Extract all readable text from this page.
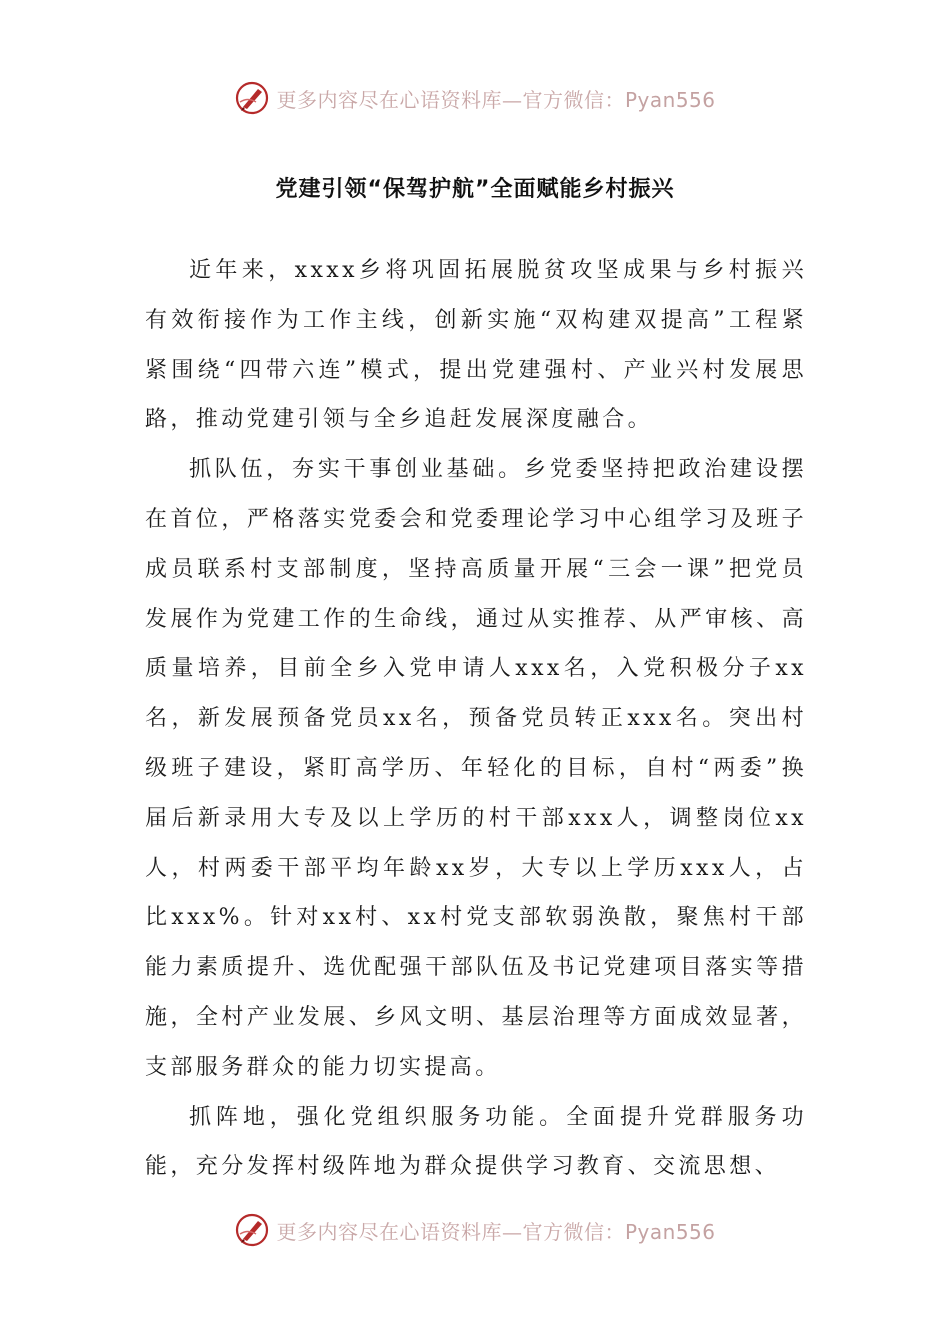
更多内容尽在心语资料库—官方微信：Pyan556
党建引领“保驾护航”全面赋能乡村振兴

近年来，xxxx乡将巩固拓展脱贫攻坚成果与乡村振兴有效衔接作为工作主线，创新实施“双构建双提高”工程紧紧围绕“四带六连”模式，提出党建强村、产业兴村发展思路，推动党建引领与全乡追赶发展深度融合。

抓队伍，夯实干事创业基础。乡党委坚持把政治建设摆在首位，严格落实党委会和党委理论学习中心组学习及班子成员联系村支部制度，坚持高质量开展“三会一课”把党员发展作为党建工作的生命线，通过从实推荐、从严审核、高质量培养，目前全乡入党申请人xxx名，入党积极分子xx名，新发展预备党员xx名，预备党员转正xxx名。突出村级班子建设，紧盯高学历、年轻化的目标，自村“两委”换届后新录用大专及以上学历的村干部xxx人，调整岗位xx人，村两委干部平均年龄xx岁，大专以上学历xxx人，占比xxx%。针对xx村、xx村党支部软弱涣散，聚焦村干部能力素质提升、选优配强干部队伍及书记党建项目落实等措施，全村产业发展、乡风文明、基层治理等方面成效显著，支部服务群众的能力切实提高。

抓阵地，强化党组织服务功能。全面提升党群服务功能，充分发挥村级阵地为群众提供学习教育、交流思想、

更多内容尽在心语资料库—官方微信：Pyan556
